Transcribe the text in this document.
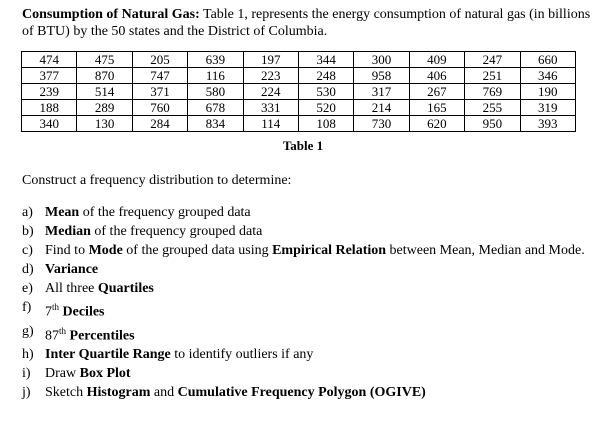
Consumption of Natural Gas: Table 1, represents the energy consumption of natural gas (in billions of BTU) by the 50 states and the District of Columbia.
474	475	205	639	197	344	300	409	247	660
377	870	747	116	223	248	958	406	251	346
239	514	371	580	224	530	317	267	769	190
188	289	760	678	331	520	214	165	255	319
340	130	284	834	114	108	730	620	950	393
Table 1
Construct a frequency distribution to determine:
a) Mean of the frequency grouped data
b) Median of the frequency grouped data
c) Find to Mode of the grouped data using Empirical Relation between Mean, Median and Mode.
d) Variance
e) All three Quartiles
f) 7th Deciles
g) 87th Percentiles
h) Inter Quartile Range to identify outliers if any
i) Draw Box Plot
j) Sketch Histogram and Cumulative Frequency Polygon (OGIVE)
